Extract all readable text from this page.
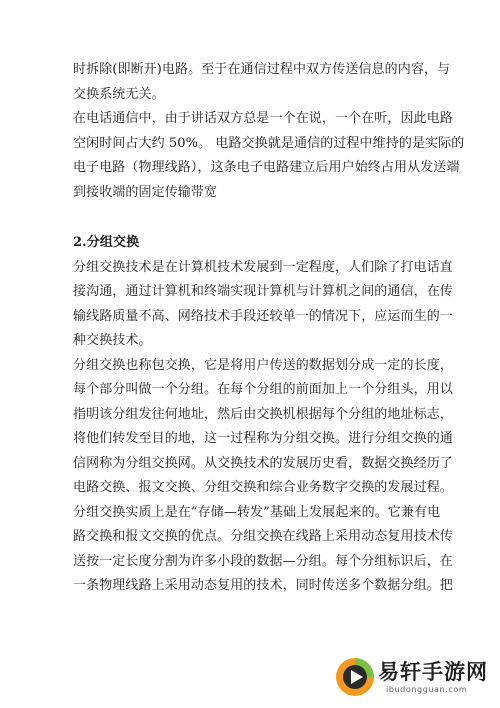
时拆除(即断开)电路。至于在通信过程中双方传送信息的内容，与
交换系统无关。
在电话通信中，由于讲话双方总是一个在说，一个在听，因此电路
空闲时间占大约 50%。 电路交换就是通信的过程中维持的是实际的
电子电路（物理线路），这条电子电路建立后用户始终占用从发送端
到接收端的固定传输带宽
2.分组交换
分组交换技术是在计算机技术发展到一定程度，人们除了打电话直
接沟通，通过计算机和终端实现计算机与计算机之间的通信，在传
输线路质量不高、网络技术手段还较单一的情况下，应运而生的一
种交换技术。
分组交换也称包交换，它是将用户传送的数据划分成一定的长度，
每个部分叫做一个分组。在每个分组的前面加上一个分组头，用以
指明该分组发往何地址，然后由交换机根据每个分组的地址标志，
将他们转发至目的地，这一过程称为分组交换。进行分组交换的通
信网称为分组交换网。从交换技术的发展历史看，数据交换经历了
电路交换、报文交换、分组交换和综合业务数字交换的发展过程。
分组交换实质上是在“存储—转发”基础上发展起来的。它兼有电
路交换和报文交换的优点。分组交换在线路上采用动态复用技术传
送按一定长度分割为许多小段的数据—分组。每个分组标识后，在
一条物理线路上采用动态复用的技术，同时传送多个数据分组。把
易轩手游网
ibudongguan.com
